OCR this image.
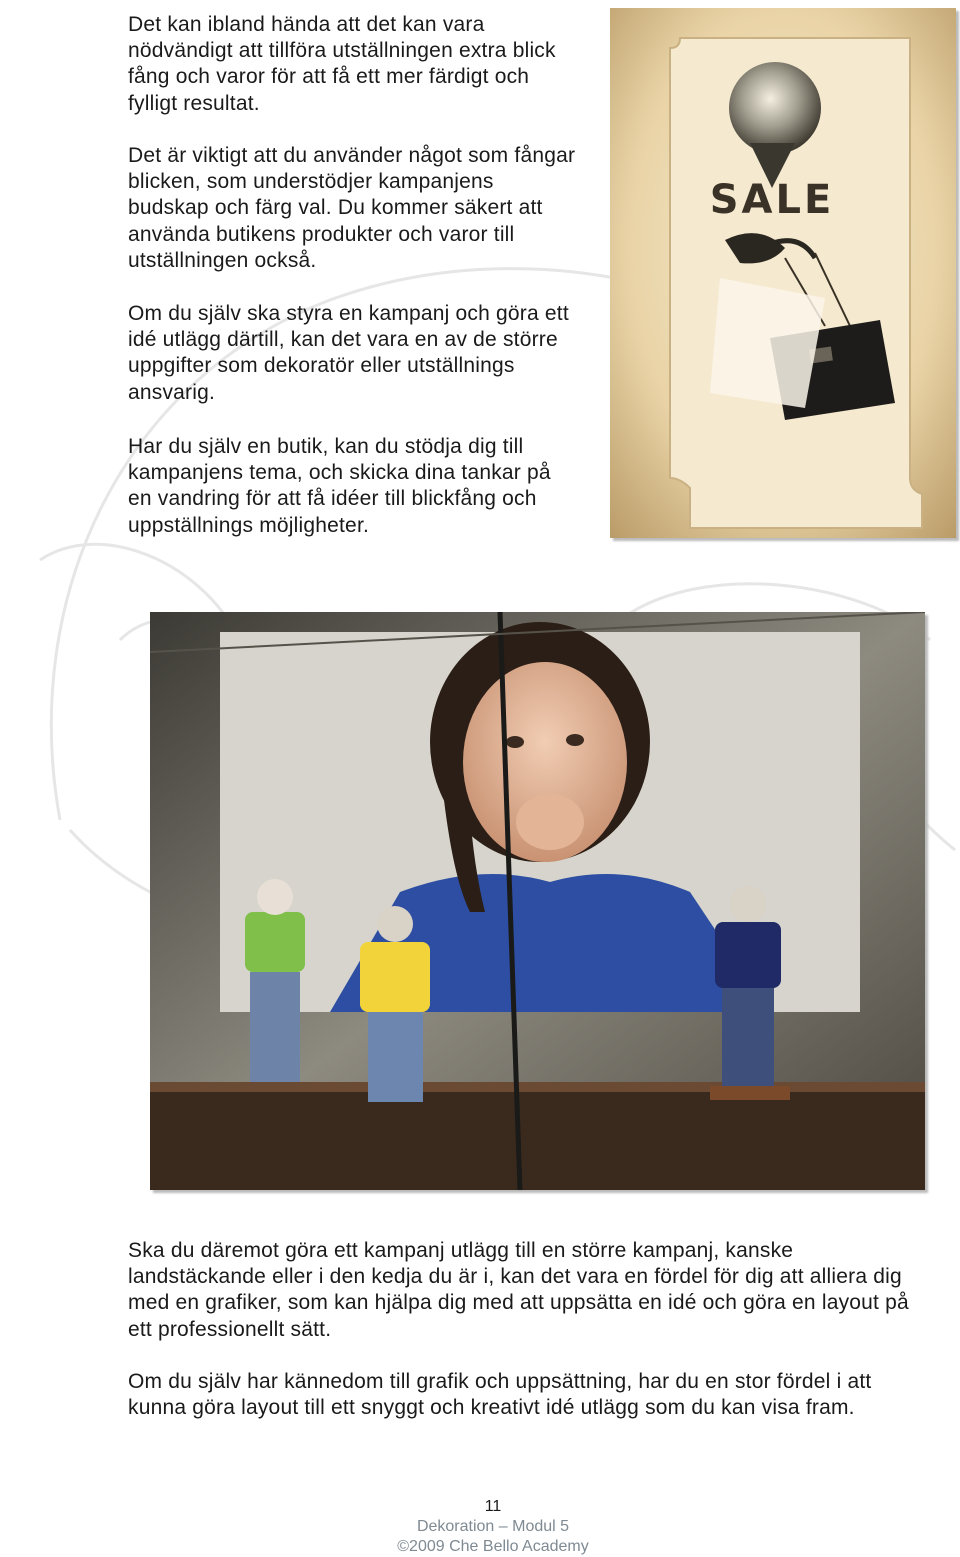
Det kan ibland hända att det kan vara nödvändigt att tillföra utställningen extra blick fång och varor för att få ett mer färdigt och fylligt resultat.

Det är viktigt att du använder något som fångar blicken, som understödjer kampanjens budskap och färg val. Du kommer säkert att använda butikens produkter och varor till utställningen också.

Om du själv ska styra en kampanj och göra ett idé utlägg därtill, kan det vara en av de större uppgifter som dekoratör eller utställnings ansvarig.

Har du själv en butik, kan du stödja dig till kampanjens tema, och skicka dina tankar på en vandring för att få idéer till blickfång och uppställnings möjligheter.

SALE

Ska du däremot göra ett kampanj utlägg till en större kampanj, kanske landstäckande eller i den kedja du är i, kan det vara en fördel för dig att alliera dig med en grafiker, som kan hjälpa dig med att uppsätta en idé och göra en layout på ett professionellt sätt.

Om du själv har kännedom till grafik och uppsättning, har du en stor fördel i att kunna göra layout till ett snyggt och kreativt idé utlägg som du kan visa fram.

11
Dekoration – Modul 5
©2009 Che Bello Academy
